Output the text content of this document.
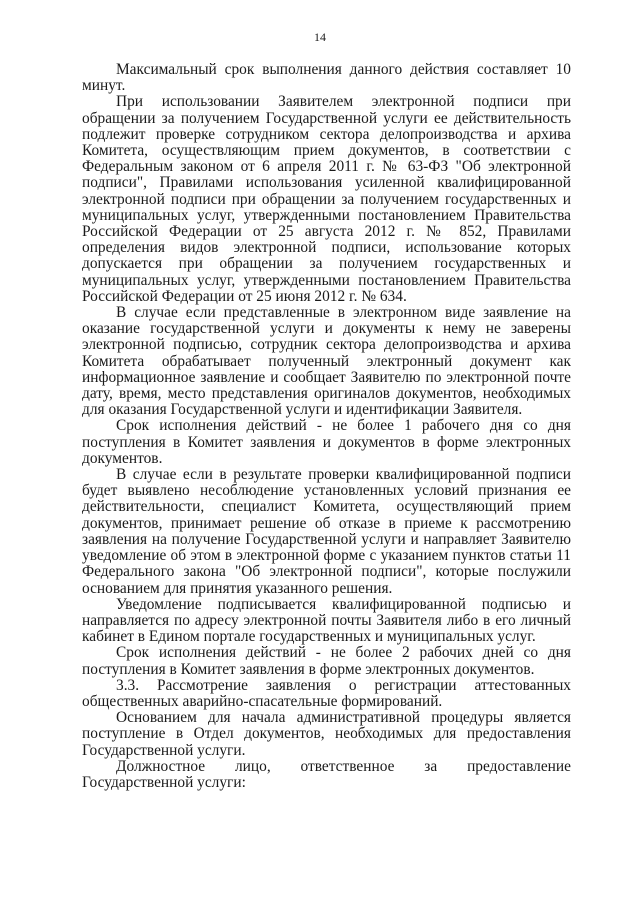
14

Максимальный срок выполнения данного действия составляет 10 минут.

При использовании Заявителем электронной подписи при обращении за получением Государственной услуги ее действительность подлежит проверке сотрудником сектора делопроизводства и архива Комитета, осуществляющим прием документов, в соответствии с Федеральным законом от 6 апреля 2011 г. № 63-ФЗ "Об электронной подписи", Правилами использования усиленной квалифицированной электронной подписи при обращении за получением государственных и муниципальных услуг, утвержденными постановлением Правительства Российской Федерации от 25 августа 2012 г. № 852, Правилами определения видов электронной подписи, использование которых допускается при обращении за получением государственных и муниципальных услуг, утвержденными постановлением Правительства Российской Федерации от 25 июня 2012 г. № 634.

В случае если представленные в электронном виде заявление на оказание государственной услуги и документы к нему не заверены электронной подписью, сотрудник сектора делопроизводства и архива Комитета обрабатывает полученный электронный документ как информационное заявление и сообщает Заявителю по электронной почте дату, время, место представления оригиналов документов, необходимых для оказания Государственной услуги и идентификации Заявителя.

Срок исполнения действий - не более 1 рабочего дня со дня поступления в Комитет заявления и документов в форме электронных документов.

В случае если в результате проверки квалифицированной подписи будет выявлено несоблюдение установленных условий признания ее действительности, специалист Комитета, осуществляющий прием документов, принимает решение об отказе в приеме к рассмотрению заявления на получение Государственной услуги и направляет Заявителю уведомление об этом в электронной форме с указанием пунктов статьи 11 Федерального закона "Об электронной подписи", которые послужили основанием для принятия указанного решения.

Уведомление подписывается квалифицированной подписью и направляется по адресу электронной почты Заявителя либо в его личный кабинет в Едином портале государственных и муниципальных услуг.

Срок исполнения действий - не более 2 рабочих дней со дня поступления в Комитет заявления в форме электронных документов.

3.3. Рассмотрение заявления о регистрации аттестованных общественных аварийно-спасательные формирований.

Основанием для начала административной процедуры является поступление в Отдел документов, необходимых для предоставления Государственной услуги.

Должностное лицо, ответственное за предоставление Государственной услуги:
